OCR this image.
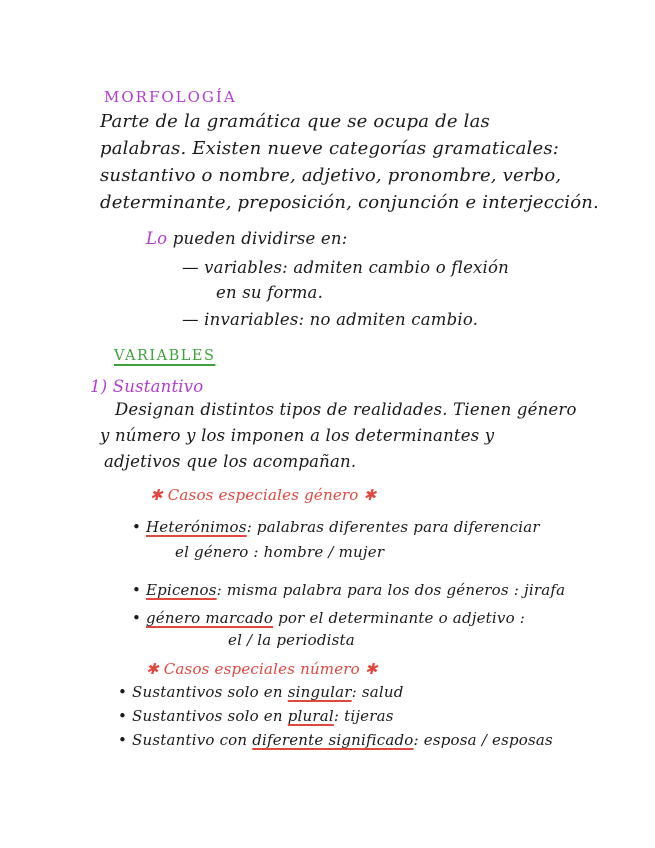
MORFOLOGÍA
Parte de la gramática que se ocupa de las
palabras. Existen nueve categorías gramaticales:
sustantivo o nombre, adjetivo, pronombre, verbo,
determinante, preposición, conjunción e interjección.
Lo pueden dividirse en:
— variables: admiten cambio o flexión
en su forma.
— invariables: no admiten cambio.
VARIABLES
1) Sustantivo
Designan distintos tipos de realidades. Tienen género
y número y los imponen a los determinantes y
adjetivos que los acompañan.
✱ Casos especiales género ✱
• Heterónimos: palabras diferentes para diferenciar
el género : hombre / mujer
• Epicenos: misma palabra para los dos géneros : jirafa
• género marcado por el determinante o adjetivo :
el / la periodista
✱ Casos especiales número ✱
• Sustantivos solo en singular: salud
• Sustantivos solo en plural: tijeras
• Sustantivo con diferente significado: esposa / esposas
